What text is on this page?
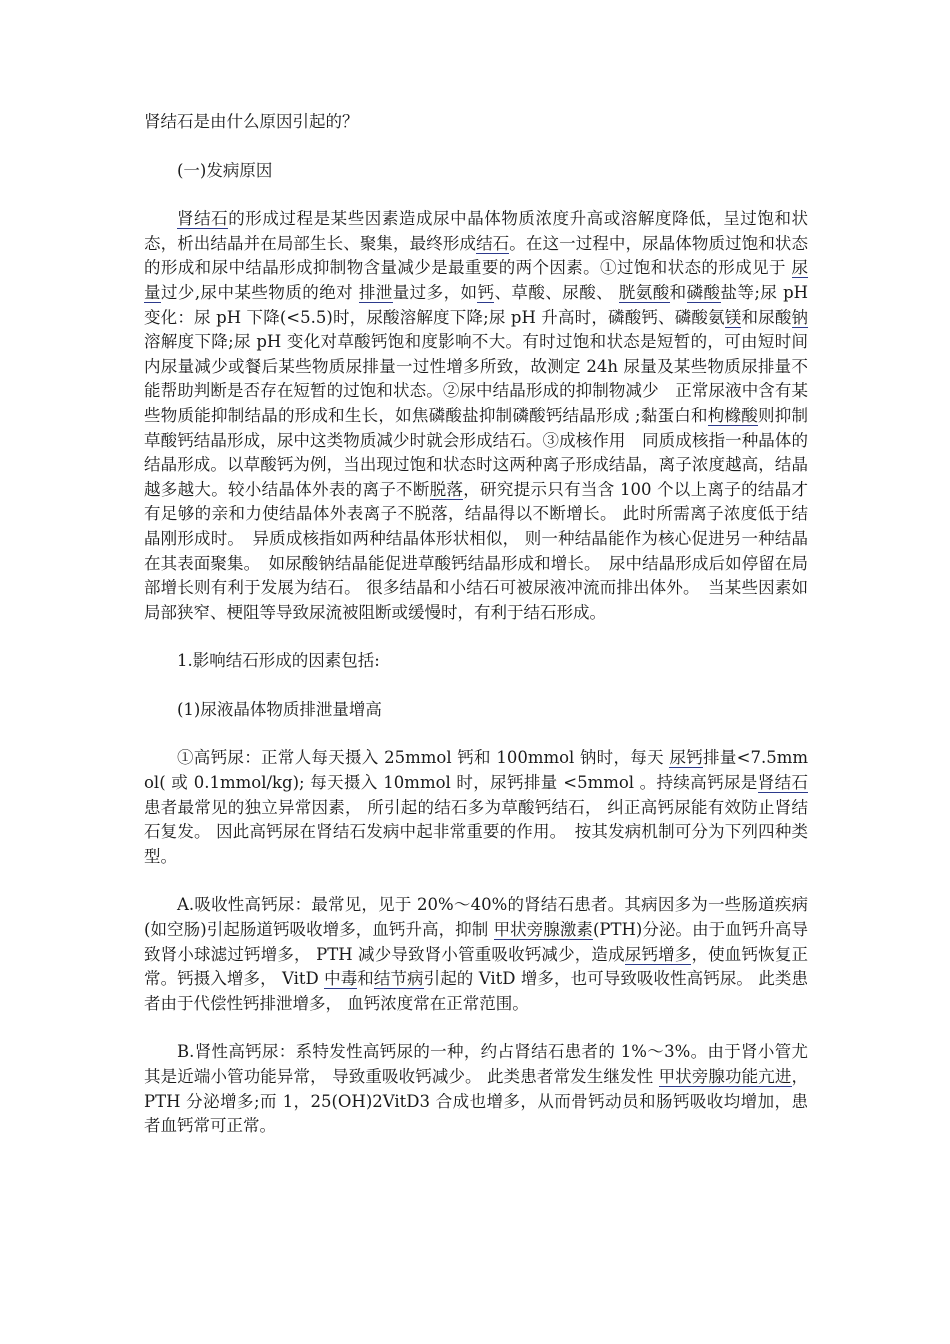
肾结石是由什么原因引起的？

(一)发病原因

肾结石的形成过程是某些因素造成尿中晶体物质浓度升高或溶解度降低，呈过饱和状态，析出结晶并在局部生长、聚集，最终形成结石。在这一过程中，尿晶体物质过饱和状态的形成和尿中结晶形成抑制物含量减少是最重要的两个因素。①过饱和状态的形成见于 尿量过少,尿中某些物质的绝对 排泄量过多，如钙、草酸、尿酸、 胱氨酸和磷酸盐等;尿 pH 变化：尿 pH 下降(<5.5)时，尿酸溶解度下降;尿 pH 升高时，磷酸钙、磷酸氨镁和尿酸钠溶解度下降;尿 pH 变化对草酸钙饱和度影响不大。有时过饱和状态是短暂的，可由短时间内尿量减少或餐后某些物质尿排量一过性增多所致，故测定 24h 尿量及某些物质尿排量不能帮助判断是否存在短暂的过饱和状态。②尿中结晶形成的抑制物减少　正常尿液中含有某些物质能抑制结晶的形成和生长，如焦磷酸盐抑制磷酸钙结晶形成 ;黏蛋白和枸橼酸则抑制草酸钙结晶形成，尿中这类物质减少时就会形成结石。③成核作用　同质成核指一种晶体的结晶形成。以草酸钙为例，当出现过饱和状态时这两种离子形成结晶，离子浓度越高，结晶越多越大。较小结晶体外表的离子不断脱落，研究提示只有当含 100 个以上离子的结晶才有足够的亲和力使结晶体外表离子不脱落，结晶得以不断增长。 此时所需离子浓度低于结晶刚形成时。　异质成核指如两种结晶体形状相似， 则一种结晶能作为核心促进另一种结晶在其表面聚集。　如尿酸钠结晶能促进草酸钙结晶形成和增长。　尿中结晶形成后如停留在局部增长则有利于发展为结石。 很多结晶和小结石可被尿液冲流而排出体外。　当某些因素如局部狭窄、梗阻等导致尿流被阻断或缓慢时，有利于结石形成。

1.影响结石形成的因素包括:

(1)尿液晶体物质排泄量增高

①高钙尿：正常人每天摄入 25mmol 钙和 100mmol 钠时，每天 尿钙排量<7.5mmol( 或 0.1mmol/kg); 每天摄入 10mmol 时，尿钙排量 <5mmol 。持续高钙尿是肾结石患者最常见的独立异常因素， 所引起的结石多为草酸钙结石， 纠正高钙尿能有效防止肾结石复发。 因此高钙尿在肾结石发病中起非常重要的作用。　按其发病机制可分为下列四种类型。

A.吸收性高钙尿：最常见，见于 20%～40%的肾结石患者。其病因多为一些肠道疾病(如空肠)引起肠道钙吸收增多，血钙升高，抑制 甲状旁腺激素(PTH)分泌。由于血钙升高导致肾小球滤过钙增多， PTH 减少导致肾小管重吸收钙减少，造成尿钙增多，使血钙恢复正常。钙摄入增多， VitD 中毒和结节病引起的 VitD 增多，也可导致吸收性高钙尿。 此类患者由于代偿性钙排泄增多， 血钙浓度常在正常范围。

B.肾性高钙尿：系特发性高钙尿的一种，约占肾结石患者的 1%～3%。由于肾小管尤其是近端小管功能异常， 导致重吸收钙减少。 此类患者常发生继发性 甲状旁腺功能亢进，PTH 分泌增多;而 1，25(OH)2VitD3 合成也增多，从而骨钙动员和肠钙吸收均增加，患者血钙常可正常。
